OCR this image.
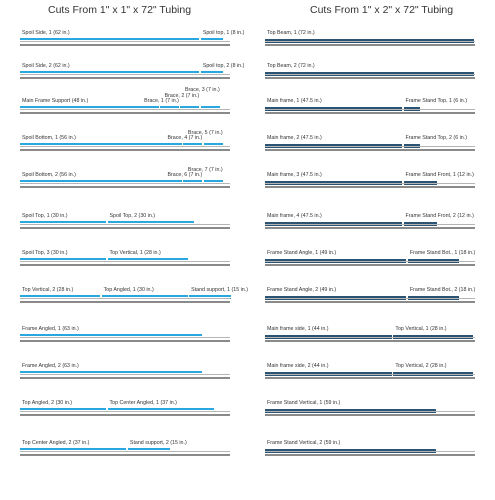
Cuts From 1" x 1" x 72" Tubing	Cuts From 1" x 2" x 72" Tubing
Spoil Side, 1 (62 in.)	Spoil top, 1 (8 in.)
Spoil Side, 2 (62 in.)	Spoil top, 2 (8 in.)
Main Frame Support (48 in.)	Brace, 1 (7 in.)
Brace, 2 (7 in.)
Brace, 3 (7 in.)
Spoil Bottom, 1 (56 in.)	Brace, 4 (7 in.)
Brace, 5 (7 in.)
Spoil Bottom, 2 (56 in.)	Brace, 6 (7 in.)
Brace, 7 (7 in.)
Spoil Top, 1 (30 in.)	Spoil Top, 2 (30 in.)
Spoil Top, 3 (30 in.)	Top Vertical, 1 (28 in.)
Top Vertical, 2 (28 in.)	Top Angled, 1 (30 in.)	Stand support, 1 (15 in.)
Frame Angled, 1 (63 in.)
Frame Angled, 2 (63 in.)
Top Angled, 2 (30 in.)	Top Center Angled, 1 (37 in.)
Top Center Angled, 2 (37 in.)	Stand support, 2 (15 in.)
Top Beam, 1 (72 in.)
Top Beam, 2 (72 in.)
Main frame, 1 (47.5 in.)	Frame Stand Top, 1 (6 in.)
Main frame, 2 (47.5 in.)	Frame Stand Top, 2 (6 in.)
Main frame, 3 (47.5 in.)	Frame Stand Front, 1 (12 in.)
Main frame, 4 (47.5 in.)	Frame Stand Front, 2 (12 in.)
Frame Stand Angle, 1 (49 in.)	Frame Stand Bot., 1 (18 in.)
Frame Stand Angle, 2 (49 in.)	Frame Stand Bot., 2 (18 in.)
Main frame side, 1 (44 in.)	Top Vertical, 1 (28 in.)
Main frame side, 2 (44 in.)	Top Vertical, 2 (28 in.)
Frame Stand Vertical, 1 (59 in.)
Frame Stand Vertical, 2 (59 in.)
